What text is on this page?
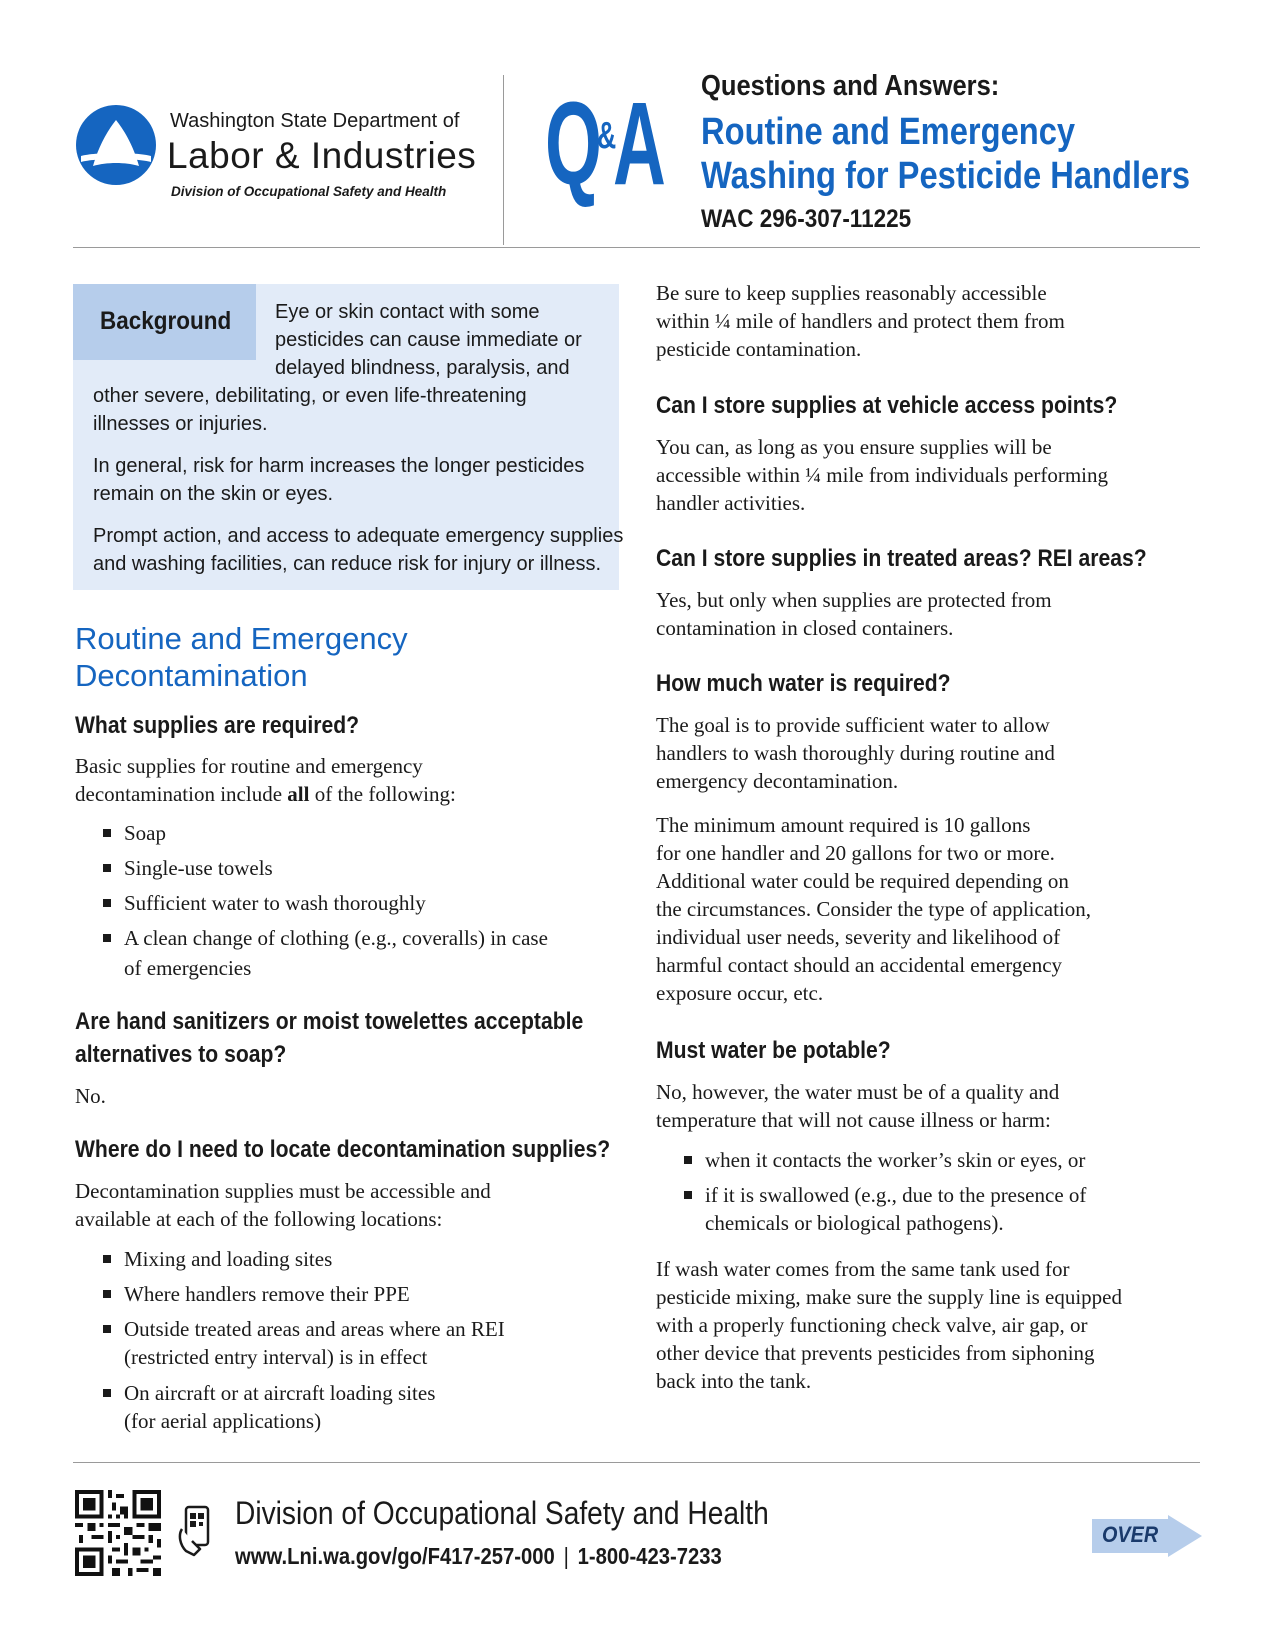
Washington State Department of
Labor & Industries
Division of Occupational Safety and Health Q
&
A Questions and Answers:
Routine and Emergency
Washing for Pesticide Handlers
WAC 296-307-11225
Background Eye or skin contact with some
pesticides can cause immediate or
delayed blindness, paralysis, and
other severe, debilitating, or even life-threatening
illnesses or injuries.
In general, risk for harm increases the longer pesticides
remain on the skin or eyes.
Prompt action, and access to adequate emergency supplies
and washing facilities, can reduce risk for injury or illness.
Routine and Emergency
Decontamination
What supplies are required?
Basic supplies for routine and emergency
decontamination include all of the following:
Soap
Single-use towels
Sufficient water to wash thoroughly
A clean change of clothing (e.g., coveralls) in case
of emergencies
Are hand sanitizers or moist towelettes acceptable
alternatives to soap?
No.
Where do I need to locate decontamination supplies?
Decontamination supplies must be accessible and
available at each of the following locations:
Mixing and loading sites
Where handlers remove their PPE
Outside treated areas and areas where an REI
(restricted entry interval) is in effect
On aircraft or at aircraft loading sites
(for aerial applications)
Be sure to keep supplies reasonably accessible
within ¼ mile of handlers and protect them from
pesticide contamination.
Can I store supplies at vehicle access points?
You can, as long as you ensure supplies will be
accessible within ¼ mile from individuals performing
handler activities.
Can I store supplies in treated areas? REI areas?
Yes, but only when supplies are protected from
contamination in closed containers.
How much water is required?
The goal is to provide sufficient water to allow
handlers to wash thoroughly during routine and
emergency decontamination.
The minimum amount required is 10 gallons
for one handler and 20 gallons for two or more.
Additional water could be required depending on
the circumstances. Consider the type of application,
individual user needs, severity and likelihood of
harmful contact should an accidental emergency
exposure occur, etc.
Must water be potable?
No, however, the water must be of a quality and
temperature that will not cause illness or harm:
when it contacts the worker’s skin or eyes, or
if it is swallowed (e.g., due to the presence of
chemicals or biological pathogens).
If wash water comes from the same tank used for
pesticide mixing, make sure the supply line is equipped
with a properly functioning check valve, air gap, or
other device that prevents pesticides from siphoning
back into the tank.
Division of Occupational Safety and Health
www.Lni.wa.gov/go/F417-257-000 | 1-800-423-7233
OVER
